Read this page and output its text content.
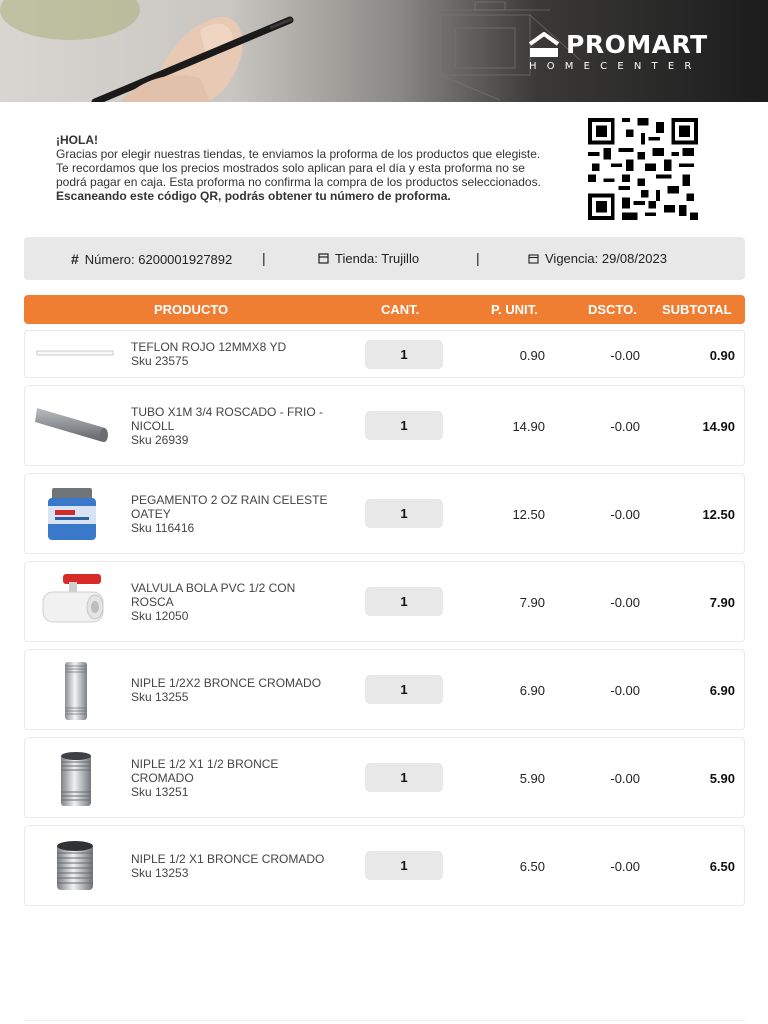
PROMART
HOMECENTER
¡HOLA!
Gracias por elegir nuestras tiendas, te enviamos la proforma de los productos que elegiste.
Te recordamos que los precios mostrados solo aplican para el día y esta proforma no se
podrá pagar en caja. Esta proforma no confirma la compra de los productos seleccionados.
Escaneando este código QR, podrás obtener tu número de proforma.
# Número: 6200001927892 |	Tienda: Trujillo	|	Vigencia: 29/08/2023
PRODUCTO	CANT.	P. UNIT.	DSCTO. SUBTOTAL
TEFLON ROJO 12MMX8 YD
Sku 23575	1	0.90	-0.00	0.90
TUBO X1M 3/4 ROSCADO - FRIO -
NICOLL
Sku 26939
1	14.90	-0.00	14.90
PEGAMENTO 2 OZ RAIN CELESTE
OATEY
Sku 116416
1	12.50	-0.00	12.50
VALVULA BOLA PVC 1/2 CON
ROSCA
Sku 12050
1	7.90	-0.00	7.90
NIPLE 1/2X2 BRONCE CROMADO
Sku 13255	1	6.90	-0.00	6.90
NIPLE 1/2 X1 1/2 BRONCE
CROMADO
Sku 13251
1	5.90	-0.00	5.90
NIPLE 1/2 X1 BRONCE CROMADO
Sku 13253	1	6.50	-0.00	6.50
